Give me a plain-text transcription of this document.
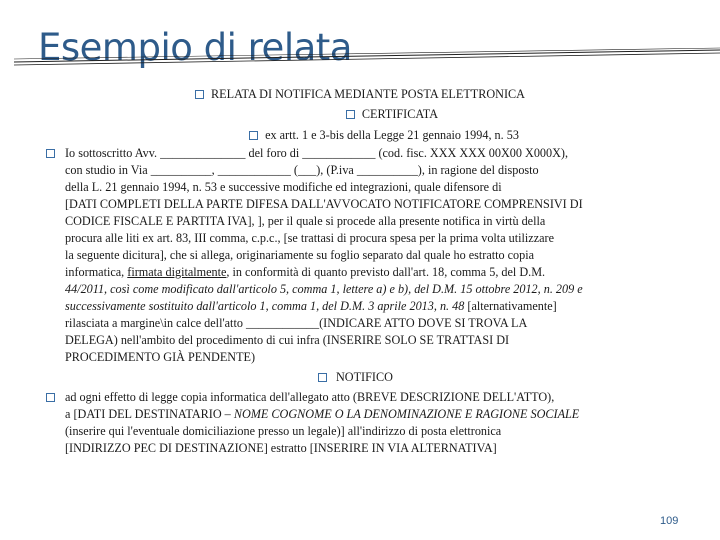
Esempio di relata
RELATA DI NOTIFICA MEDIANTE POSTA ELETTRONICA
CERTIFICATA
ex artt. 1 e 3-bis della Legge 21 gennaio 1994, n. 53
Io sottoscritto Avv. ______________ del foro di ____________ (cod. fisc. XXX XXX 00X00 X000X),
con studio in Via __________, ____________ (___), (P.iva __________), in ragione del disposto
della L. 21 gennaio 1994, n. 53 e successive modifiche ed integrazioni, quale difensore di
[DATI COMPLETI DELLA PARTE DIFESA DALL'AVVOCATO NOTIFICATORE COMPRENSIVI DI
CODICE FISCALE E PARTITA IVA], ], per il quale si procede alla presente notifica in virtù della
procura alle liti ex art. 83, III comma, c.p.c., [se trattasi di procura spesa per la prima volta utilizzare
la seguente dicitura], che si allega, originariamente su foglio separato dal quale ho estratto copia
informatica, firmata digitalmente, in conformità di quanto previsto dall'art. 18, comma 5, del D.M.
44/2011, così come modificato dall'articolo 5, comma 1, lettere a) e b), del D.M. 15 ottobre 2012, n. 209 e
successivamente sostituito dall'articolo 1, comma 1, del D.M. 3 aprile 2013, n. 48 [alternativamente]
rilasciata a margine\in calce dell'atto ____________(INDICARE ATTO DOVE SI TROVA LA
DELEGA) nell'ambito del procedimento di cui infra (INSERIRE SOLO SE TRATTASI DI
PROCEDIMENTO GIÀ PENDENTE)
NOTIFICO
ad ogni effetto di legge copia informatica dell'allegato atto (BREVE DESCRIZIONE DELL'ATTO),
a [DATI DEL DESTINATARIO – NOME COGNOME O LA DENOMINAZIONE E RAGIONE SOCIALE
(inserire qui l'eventuale domiciliazione presso un legale)] all'indirizzo di posta elettronica
[INDIRIZZO PEC DI DESTINAZIONE] estratto [INSERIRE IN VIA ALTERNATIVA]
109
